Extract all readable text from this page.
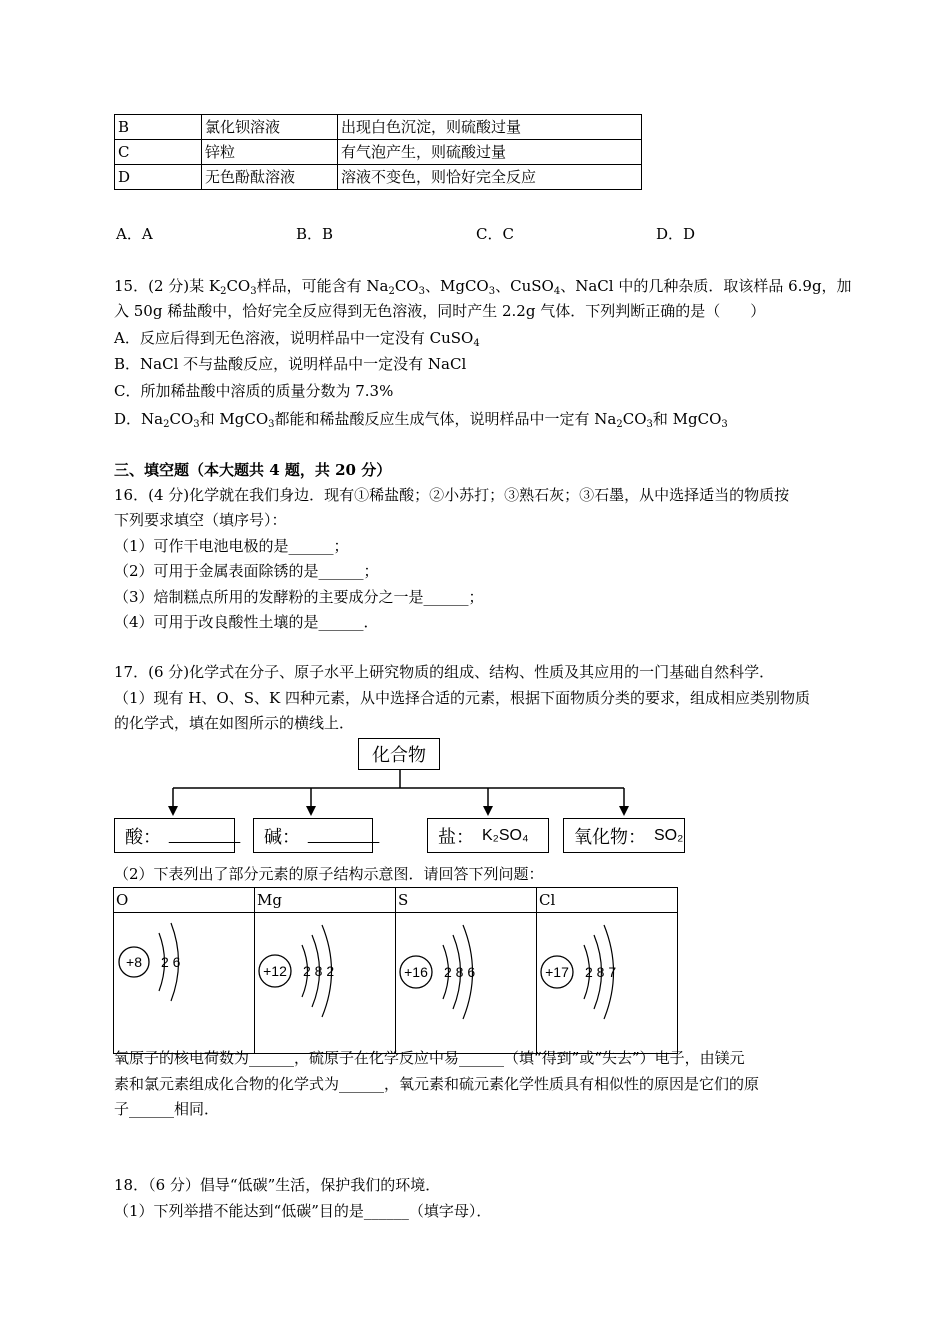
B	氯化钡溶液	出现白色沉淀，则硫酸过量
C	锌粒	有气泡产生，则硫酸过量
D	无色酚酞溶液	溶液不变色，则恰好完全反应
A．A	B．B	C．C	D．D
15．(2 分)某 $K_2CO_3$样品，可能含有 $Na_2CO_3$、MgCO$_3$、CuSO$_4$、NaCl 中的几种杂质．取该样品 6.9g，加
入 50g 稀盐酸中，恰好完全反应得到无色溶液，同时产生 2.2g 气体．下列判断正确的是（　　）
A．反应后得到无色溶液，说明样品中一定没有 CuSO$_4$
B．NaCl 不与盐酸反应，说明样品中一定没有 NaCl
C．所加稀盐酸中溶质的质量分数为 7.3%
D．$Na_2CO_3$和 MgCO$_3$都能和稀盐酸反应生成气体，说明样品中一定有 $Na_2CO_3$和 MgCO$_3$
三、填空题（本大题共 4 题，共 20 分）
16．(4 分)化学就在我们身边．现有①稀盐酸；②小苏打；③熟石灰；③石墨，从中选择适当的物质按
下列要求填空（填序号）：
（1）可作干电池电极的是______；
（2）可用于金属表面除锈的是______；
（3）焙制糕点所用的发酵粉的主要成分之一是______；
（4）可用于改良酸性土壤的是______．
17．(6 分)化学式在分子、原子水平上研究物质的组成、结构、性质及其应用的一门基础自然科学．
（1）现有 H、O、S、K 四种元素，从中选择合适的元素，根据下面物质分类的要求，组成相应类别物质
的化学式，填在如图所示的横线上．
化合物
酸： ________ 碱： ________	盐： K₂SO₄	氧化物： SO₂
（2）下表列出了部分元素的原子结构示意图．请回答下列问题：
O	Mg	S	Cl

+8 2 6	+12 2 8 2	+16 2 8 6	+17 2 8 7
氧原子的核电荷数为______，硫原子在化学反应中易______（填“得到”或“失去”）电子，由镁元
素和氯元素组成化合物的化学式为______，氧元素和硫元素化学性质具有相似性的原因是它们的原
子______相同．
18．（6 分）倡导“低碳”生活，保护我们的环境．
（1）下列举措不能达到“低碳”目的是______（填字母）．
